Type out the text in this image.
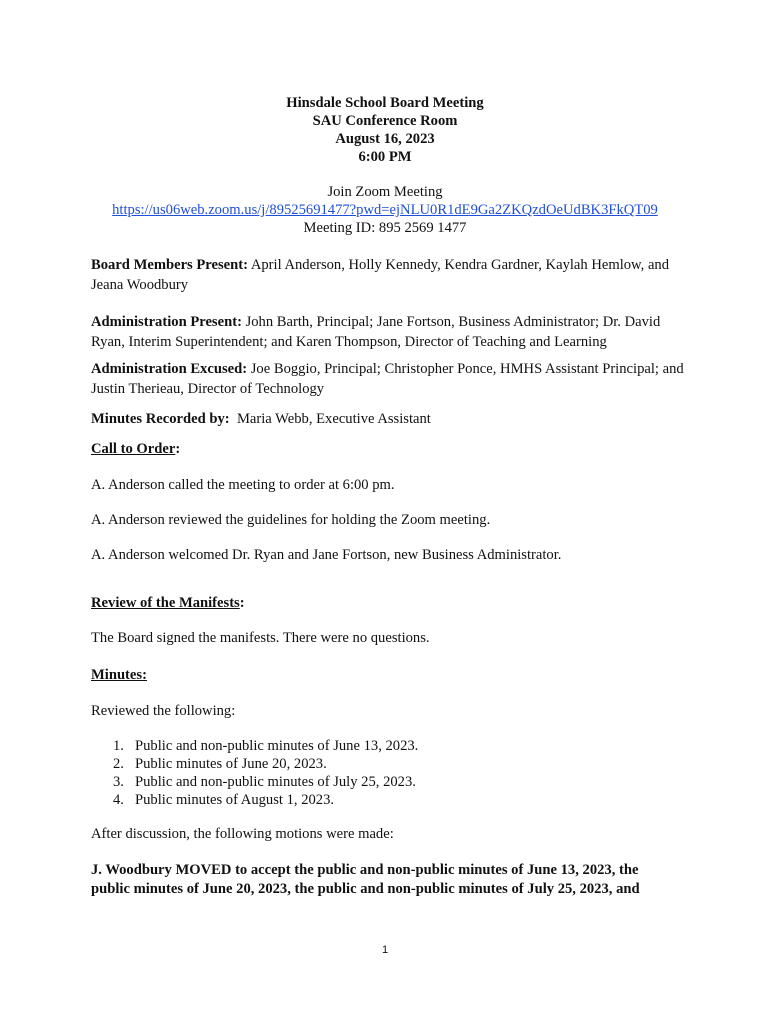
Hinsdale School Board Meeting
SAU Conference Room
August 16, 2023
6:00 PM
Join Zoom Meeting
https://us06web.zoom.us/j/89525691477?pwd=ejNLU0R1dE9Ga2ZKQzdOeUdBK3FkQT09
Meeting ID: 895 2569 1477
Board Members Present: April Anderson, Holly Kennedy, Kendra Gardner, Kaylah Hemlow, and Jeana Woodbury
Administration Present: John Barth, Principal; Jane Fortson, Business Administrator; Dr. David Ryan, Interim Superintendent; and Karen Thompson, Director of Teaching and Learning
Administration Excused: Joe Boggio, Principal; Christopher Ponce, HMHS Assistant Principal; and Justin Therieau, Director of Technology
Minutes Recorded by:  Maria Webb, Executive Assistant
Call to Order:
A. Anderson called the meeting to order at 6:00 pm.
A. Anderson reviewed the guidelines for holding the Zoom meeting.
A. Anderson welcomed Dr. Ryan and Jane Fortson, new Business Administrator.
Review of the Manifests:
The Board signed the manifests. There were no questions.
Minutes:
Reviewed the following:
1. Public and non-public minutes of June 13, 2023.
2. Public minutes of June 20, 2023.
3. Public and non-public minutes of July 25, 2023.
4. Public minutes of August 1, 2023.
After discussion, the following motions were made:
J. Woodbury MOVED to accept the public and non-public minutes of June 13, 2023, the public minutes of June 20, 2023, the public and non-public minutes of July 25, 2023, and
1
